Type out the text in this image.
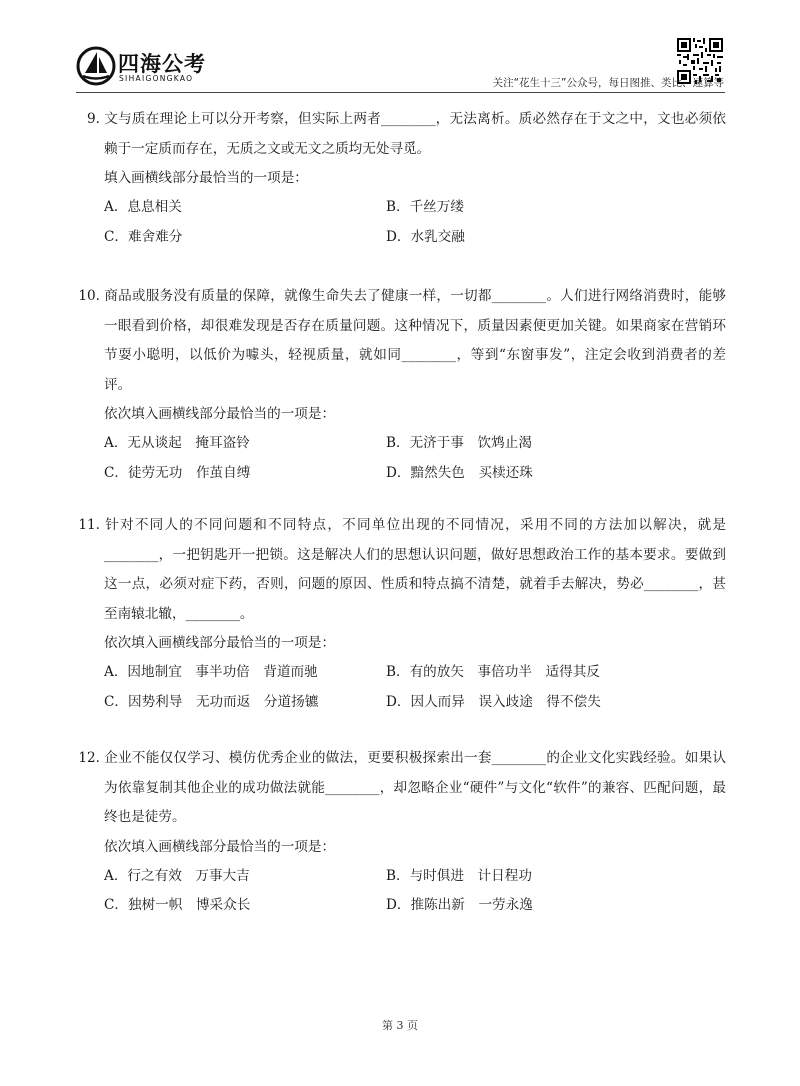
四海公考
SIHAIGONGKAO	关注“花生十三”公众号，每日图推、类比、速算等

9. 文与质在理论上可以分开考察，但实际上两者________，无法离析。质必然存在于文之中，文也必须依赖于一定质而存在，无质之文或无文之质均无处寻觅。

填入画横线部分最恰当的一项是：

A．息息相关	B．千丝万缕
C．难舍难分	D．水乳交融

10. 商品或服务没有质量的保障，就像生命失去了健康一样，一切都________。人们进行网络消费时，能够一眼看到价格，却很难发现是否存在质量问题。这种情况下，质量因素便更加关键。如果商家在营销环节耍小聪明，以低价为噱头，轻视质量，就如同________，等到“东窗事发”，注定会收到消费者的差评。

依次填入画横线部分最恰当的一项是：

A．无从谈起　掩耳盗铃	B．无济于事　饮鸩止渴
C．徒劳无功　作茧自缚	D．黯然失色　买椟还珠

11. 针对不同人的不同问题和不同特点，不同单位出现的不同情况，采用不同的方法加以解决，就是________，一把钥匙开一把锁。这是解决人们的思想认识问题，做好思想政治工作的基本要求。要做到这一点，必须对症下药，否则，问题的原因、性质和特点搞不清楚，就着手去解决，势必________，甚至南辕北辙，________。

依次填入画横线部分最恰当的一项是：

A．因地制宜　事半功倍　背道而驰	B．有的放矢　事倍功半　适得其反
C．因势利导　无功而返　分道扬镳	D．因人而异　误入歧途　得不偿失

12. 企业不能仅仅学习、模仿优秀企业的做法，更要积极探索出一套________的企业文化实践经验。如果认为依靠复制其他企业的成功做法就能________，却忽略企业“硬件”与文化“软件”的兼容、匹配问题，最终也是徒劳。

依次填入画横线部分最恰当的一项是：

A．行之有效　万事大吉	B．与时俱进　计日程功
C．独树一帜　博采众长	D．推陈出新　一劳永逸
第 3 页
